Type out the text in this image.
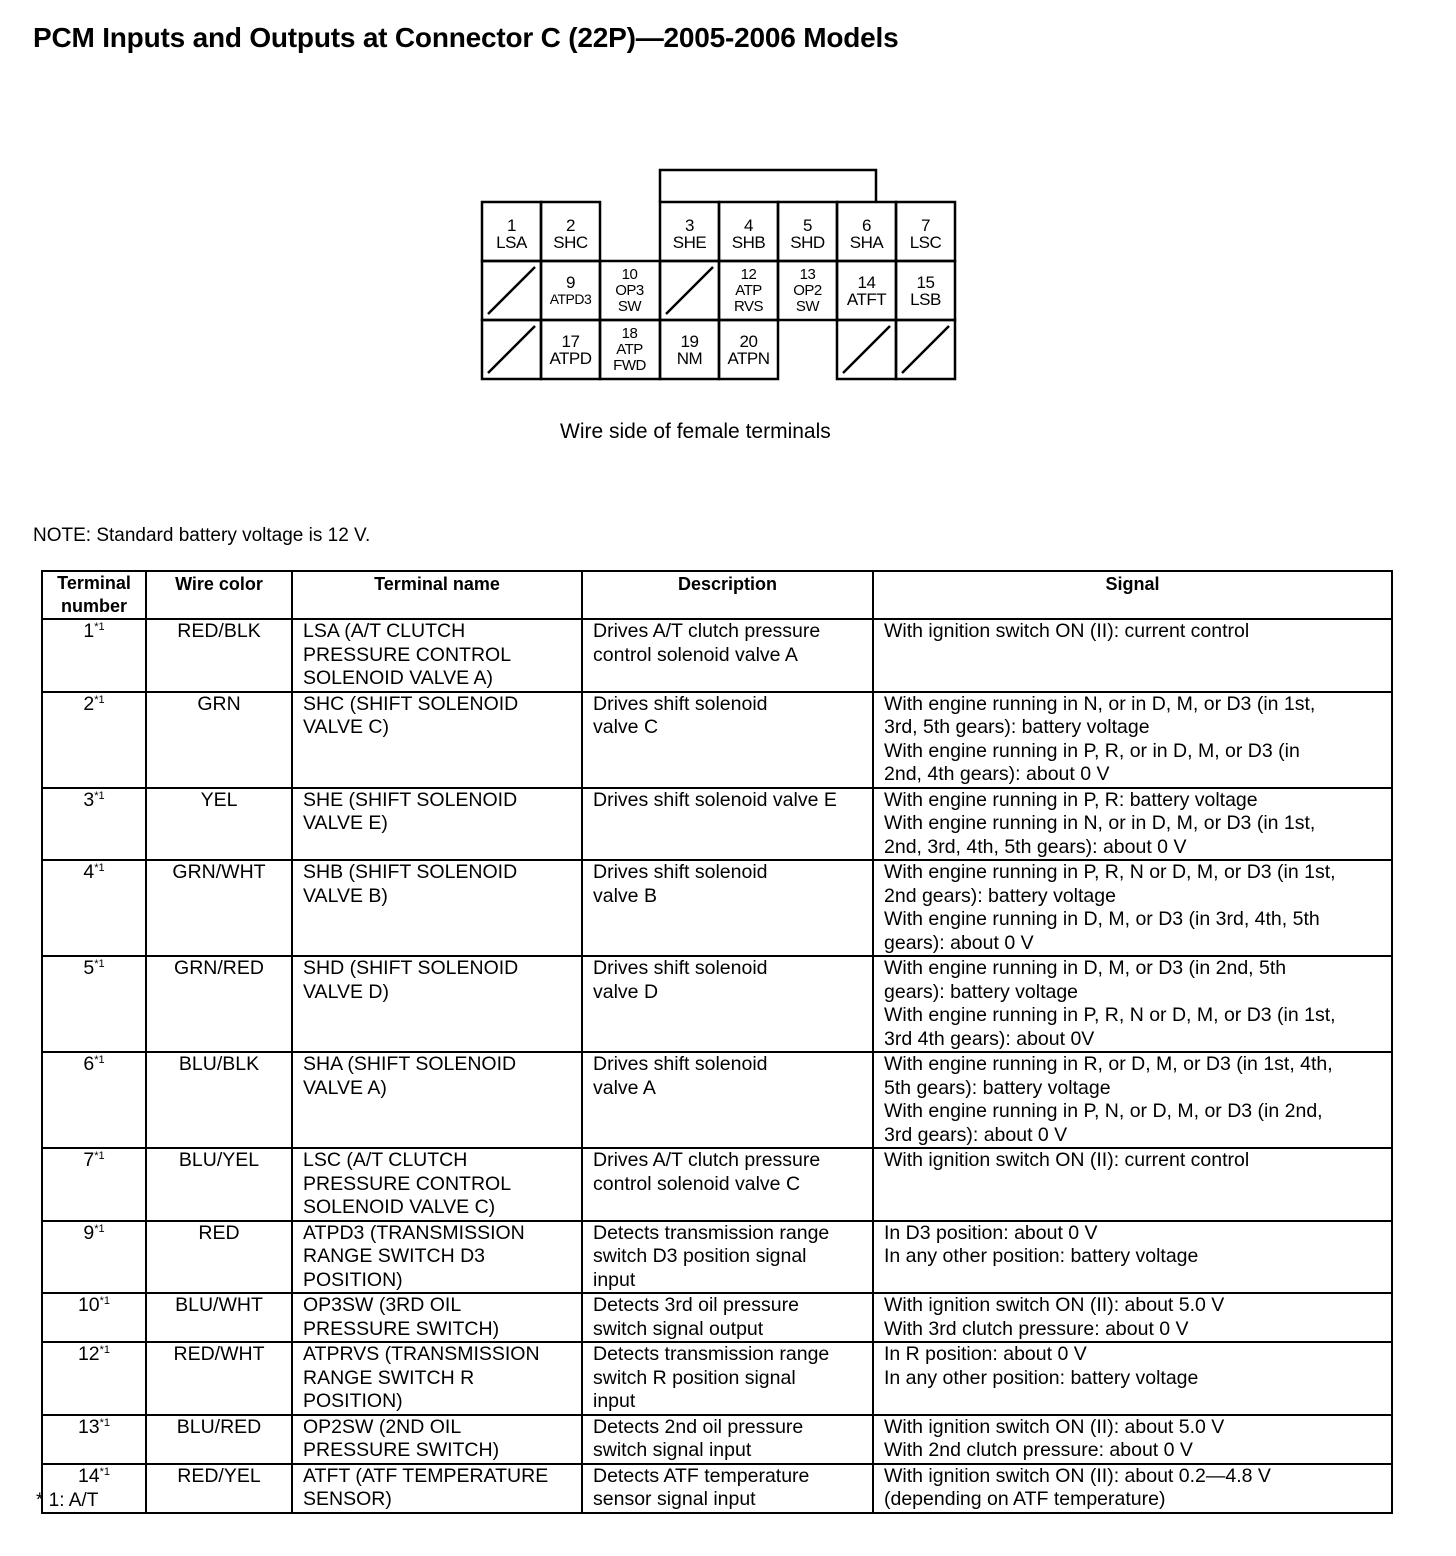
PCM Inputs and Outputs at Connector C (22P)—2005-2006 Models
1
LSA
2
SHC
3
SHE
4
SHB
5
SHD
6
SHA
7
LSC
9
ATPD3
10
OP3
SW
12
ATP
RVS
13
OP2
SW
14
ATFT
15
LSB
17
ATPD
18
ATP
FWD
19
NM
20
ATPN
Wire side of female terminals
NOTE: Standard battery voltage is 12 V.
Terminal
number	Wire color	Terminal name	Description	Signal
1$^{*1}$	RED/BLK	LSA (A/T CLUTCH
PRESSURE CONTROL
SOLENOID VALVE A)	Drives A/T clutch pressure
control solenoid valve A	With ignition switch ON (II): current control
2$^{*1}$	GRN	SHC (SHIFT SOLENOID
VALVE C)	Drives shift solenoid
valve C	With engine running in N, or in D, M, or D3 (in 1st,
3rd, 5th gears): battery voltage
With engine running in P, R, or in D, M, or D3 (in
2nd, 4th gears): about 0 V
3$^{*1}$	YEL	SHE (SHIFT SOLENOID
VALVE E)	Drives shift solenoid valve E	With engine running in P, R: battery voltage
With engine running in N, or in D, M, or D3 (in 1st,
2nd, 3rd, 4th, 5th gears): about 0 V
4$^{*1}$	GRN/WHT	SHB (SHIFT SOLENOID
VALVE B)	Drives shift solenoid
valve B	With engine running in P, R, N or D, M, or D3 (in 1st,
2nd gears): battery voltage
With engine running in D, M, or D3 (in 3rd, 4th, 5th
gears): about 0 V
5$^{*1}$	GRN/RED	SHD (SHIFT SOLENOID
VALVE D)	Drives shift solenoid
valve D	With engine running in D, M, or D3 (in 2nd, 5th
gears): battery voltage
With engine running in P, R, N or D, M, or D3 (in 1st,
3rd 4th gears): about 0V
6$^{*1}$	BLU/BLK	SHA (SHIFT SOLENOID
VALVE A)	Drives shift solenoid
valve A	With engine running in R, or D, M, or D3 (in 1st, 4th,
5th gears): battery voltage
With engine running in P, N, or D, M, or D3 (in 2nd,
3rd gears): about 0 V
7$^{*1}$	BLU/YEL	LSC (A/T CLUTCH
PRESSURE CONTROL
SOLENOID VALVE C)	Drives A/T clutch pressure
control solenoid valve C	With ignition switch ON (II): current control
9$^{*1}$	RED	ATPD3 (TRANSMISSION
RANGE SWITCH D3
POSITION)	Detects transmission range
switch D3 position signal
input	In D3 position: about 0 V
In any other position: battery voltage
10$^{*1}$	BLU/WHT	OP3SW (3RD OIL
PRESSURE SWITCH)	Detects 3rd oil pressure
switch signal output	With ignition switch ON (II): about 5.0 V
With 3rd clutch pressure: about 0 V
12$^{*1}$	RED/WHT	ATPRVS (TRANSMISSION
RANGE SWITCH R
POSITION)	Detects transmission range
switch R position signal
input	In R position: about 0 V
In any other position: battery voltage
13$^{*1}$	BLU/RED	OP2SW (2ND OIL
PRESSURE SWITCH)	Detects 2nd oil pressure
switch signal input	With ignition switch ON (II): about 5.0 V
With 2nd clutch pressure: about 0 V
14$^{*1}$	RED/YEL	ATFT (ATF TEMPERATURE
SENSOR)	Detects ATF temperature
sensor signal input	With ignition switch ON (II): about 0.2—4.8 V
(depending on ATF temperature)
* 1: A/T
